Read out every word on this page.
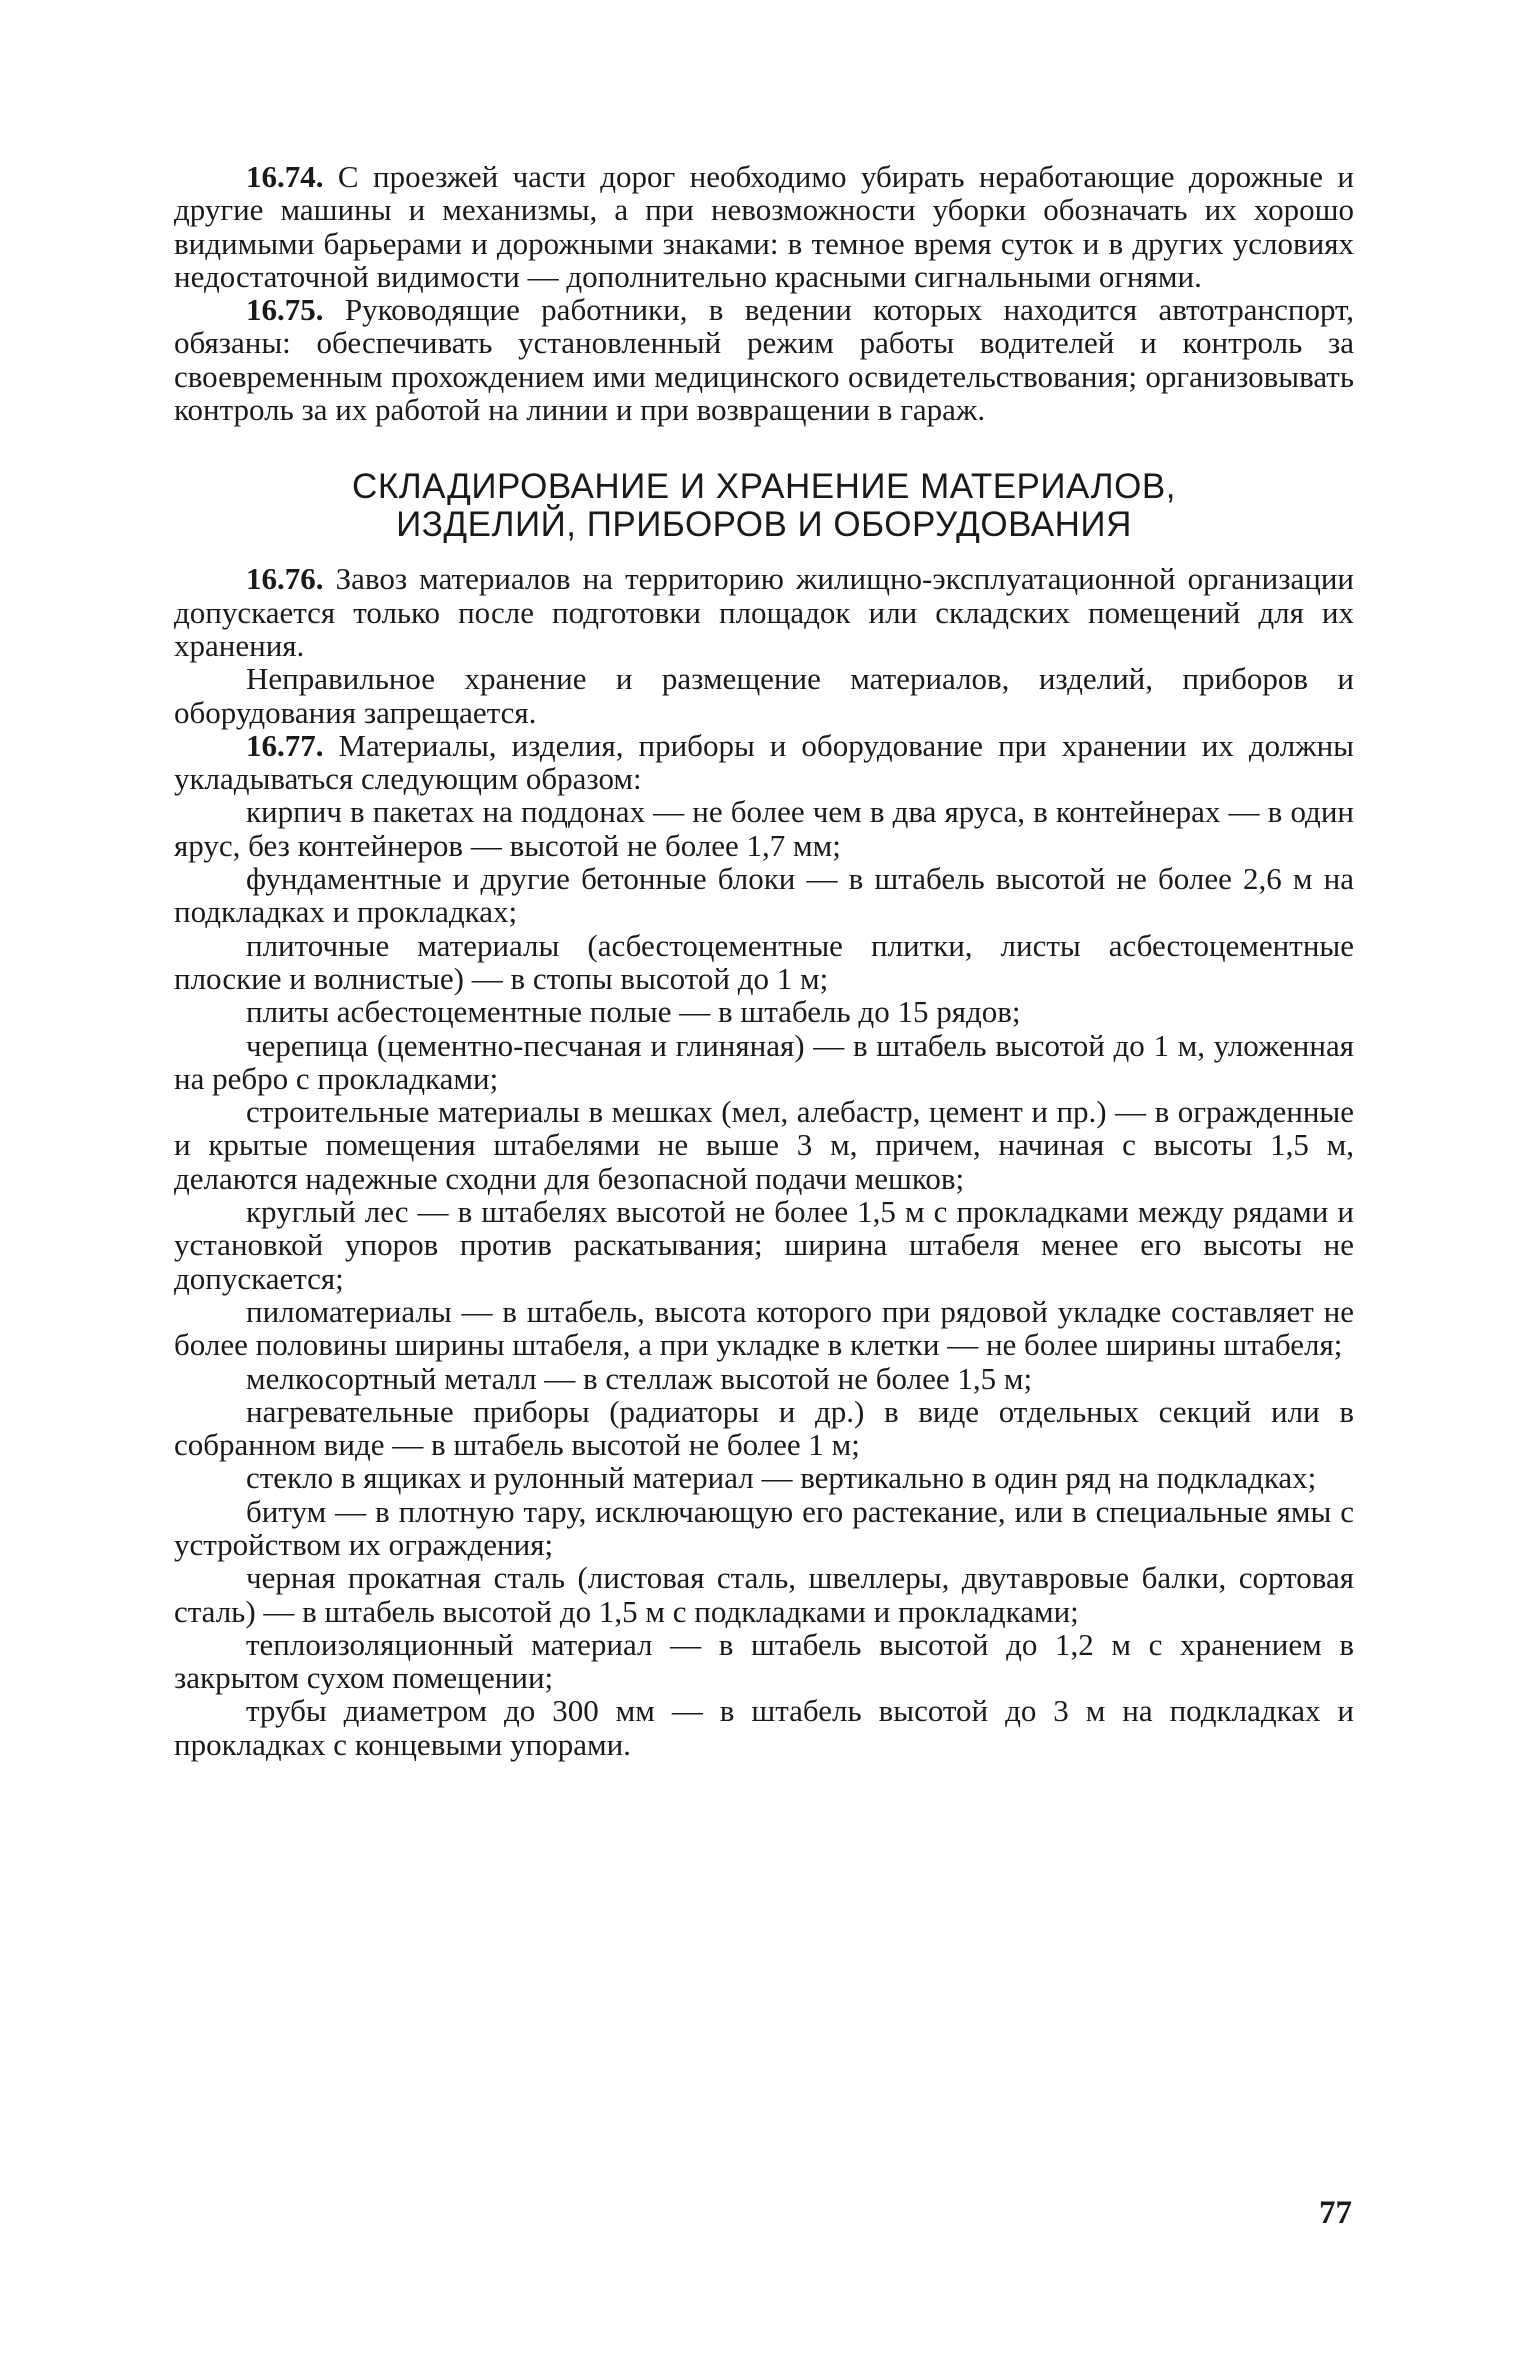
16.74. С проезжей части дорог необходимо убирать неработающие дорожные и другие машины и механизмы, а при невозможности уборки обозначать их хорошо видимыми барьерами и дорожными знаками: в темное время суток и в других условиях недостаточной видимости — дополнительно красными сигнальными огнями.

16.75. Руководящие работники, в ведении которых находится автотранспорт, обязаны: обеспечивать установленный режим работы водителей и контроль за своевременным прохождением ими медицинского освидетельствования; организовывать контроль за их работой на линии и при возвращении в гараж.

СКЛАДИРОВАНИЕ И ХРАНЕНИЕ МАТЕРИАЛОВ,
ИЗДЕЛИЙ, ПРИБОРОВ И ОБОРУДОВАНИЯ

16.76. Завоз материалов на территорию жилищно-эксплуатационной организации допускается только после подготовки площадок или складских помещений для их хранения.

Неправильное хранение и размещение материалов, изделий, приборов и оборудования запрещается.

16.77. Материалы, изделия, приборы и оборудование при хранении их должны укладываться следующим образом:

кирпич в пакетах на поддонах — не более чем в два яруса, в контейнерах — в один ярус, без контейнеров — высотой не более 1,7 мм;

фундаментные и другие бетонные блоки — в штабель высотой не более 2,6 м на подкладках и прокладках;

плиточные материалы (асбестоцементные плитки, листы асбестоцементные плоские и волнистые) — в стопы высотой до 1 м;

плиты асбестоцементные полые — в штабель до 15 рядов;

черепица (цементно-песчаная и глиняная) — в штабель высотой до 1 м, уложенная на ребро с прокладками;

строительные материалы в мешках (мел, алебастр, цемент и пр.) — в огражденные и крытые помещения штабелями не выше 3 м, причем, начиная с высоты 1,5 м, делаются надежные сходни для безопасной подачи мешков;

круглый лес — в штабелях высотой не более 1,5 м с прокладками между рядами и установкой упоров против раскатывания; ширина штабеля менее его высоты не допускается;

пиломатериалы — в штабель, высота которого при рядовой укладке составляет не более половины ширины штабеля, а при укладке в клетки — не более ширины штабеля;

мелкосортный металл — в стеллаж высотой не более 1,5 м;

нагревательные приборы (радиаторы и др.) в виде отдельных секций или в собранном виде — в штабель высотой не более 1 м;

стекло в ящиках и рулонный материал — вертикально в один ряд на подкладках;

битум — в плотную тару, исключающую его растекание, или в специальные ямы с устройством их ограждения;

черная прокатная сталь (листовая сталь, швеллеры, двутавровые балки, сортовая сталь) — в штабель высотой до 1,5 м с подкладками и прокладками;

теплоизоляционный материал — в штабель высотой до 1,2 м с хранением в закрытом сухом помещении;

трубы диаметром до 300 мм — в штабель высотой до 3 м на подкладках и прокладках с концевыми упорами.

77
